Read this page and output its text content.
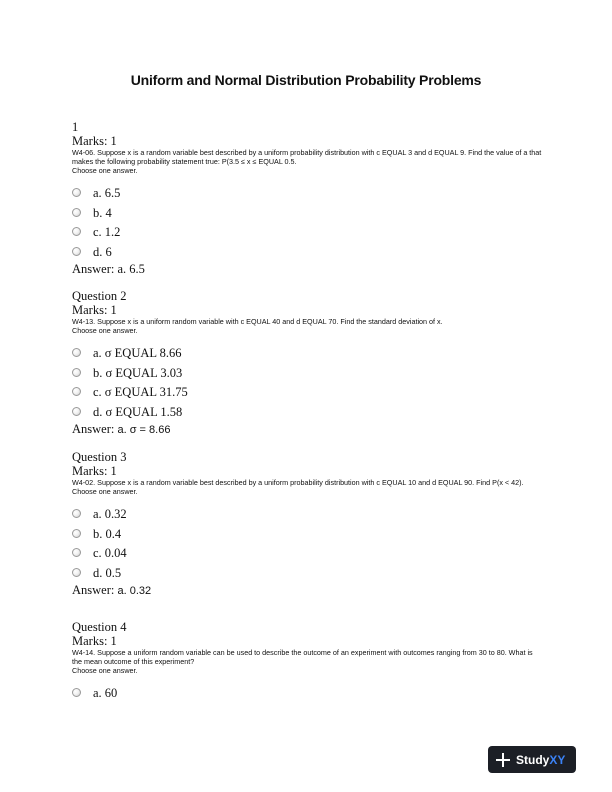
Uniform and Normal Distribution Probability Problems
1
Marks: 1
W4-06. Suppose x is a random variable best described by a uniform probability distribution with c EQUAL 3 and d EQUAL 9. Find the value of a that makes the following probability statement true: P(3.5 ≤ x ≤ EQUAL 0.5.
Choose one answer.
a. 6.5
b. 4
c. 1.2
d. 6
Answer: a. 6.5
Question 2
Marks: 1
W4-13. Suppose x is a uniform random variable with c EQUAL 40 and d EQUAL 70. Find the standard deviation of x.
Choose one answer.
a. σ EQUAL 8.66
b. σ EQUAL 3.03
c. σ EQUAL 31.75
d. σ EQUAL 1.58
Answer: a. σ = 8.66
Question 3
Marks: 1
W4-02. Suppose x is a random variable best described by a uniform probability distribution with c EQUAL 10 and d EQUAL 90. Find P(x < 42).
Choose one answer.
a. 0.32
b. 0.4
c. 0.04
d. 0.5
Answer: a. 0.32
Question 4
Marks: 1
W4-14. Suppose a uniform random variable can be used to describe the outcome of an experiment with outcomes ranging from 30 to 80. What is the mean outcome of this experiment?
Choose one answer.
a. 60
Study XY
